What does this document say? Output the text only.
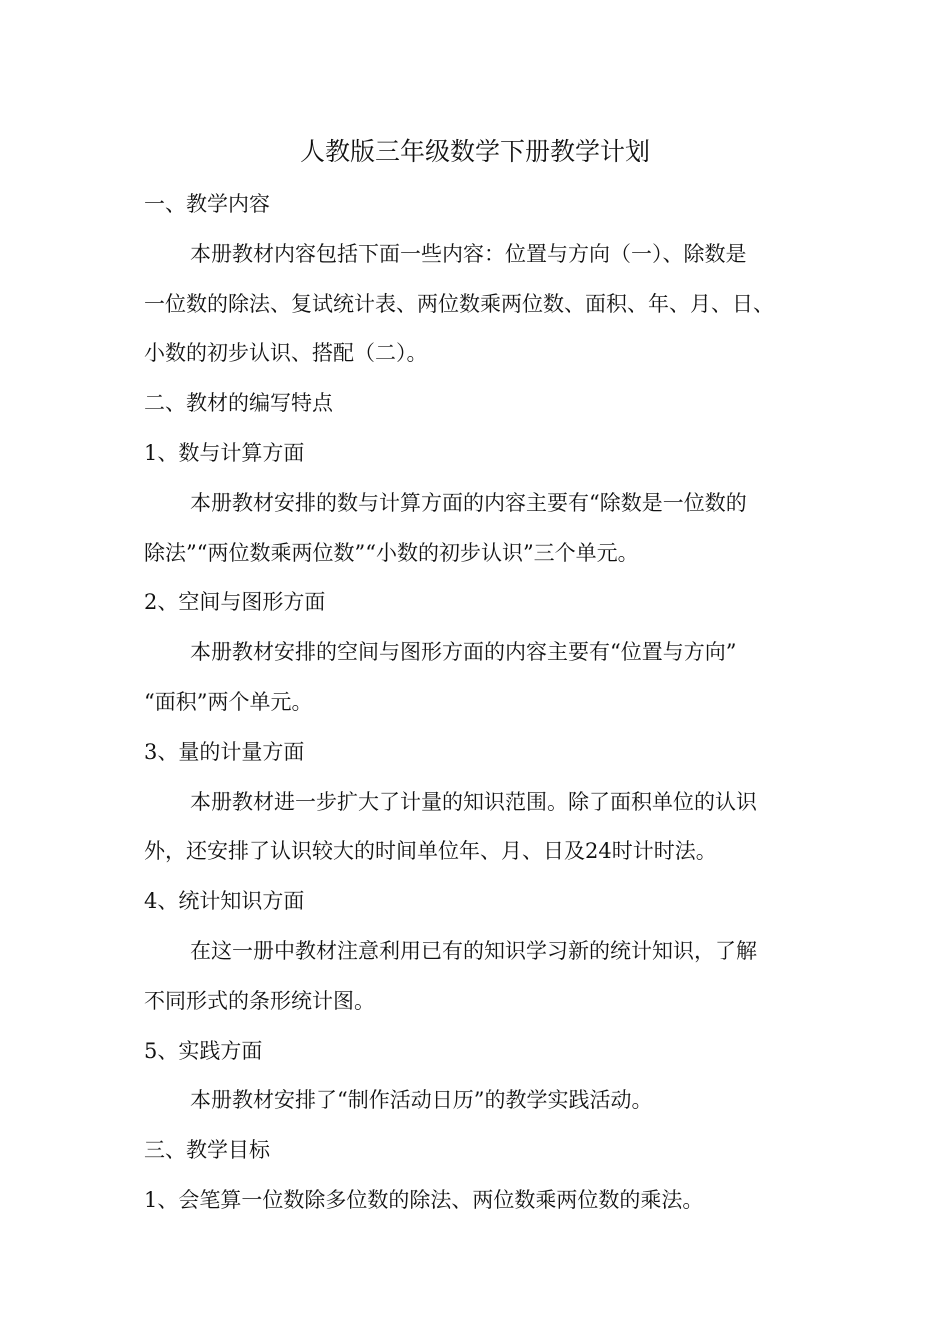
人教版三年级数学下册教学计划

一、教学内容

本册教材内容包括下面一些内容：位置与方向（一）、除数是

一位数的除法、复试统计表、两位数乘两位数、面积、年、月、日、

小数的初步认识、搭配（二）。

二、教材的编写特点

1、数与计算方面

本册教材安排的数与计算方面的内容主要有“除数是一位数的

除法”“两位数乘两位数”“小数的初步认识”三个单元。

2、空间与图形方面

本册教材安排的空间与图形方面的内容主要有“位置与方向”

“面积”两个单元。

3、量的计量方面

本册教材进一步扩大了计量的知识范围。除了面积单位的认识

外，还安排了认识较大的时间单位年、月、日及24时计时法。

4、统计知识方面

在这一册中教材注意利用已有的知识学习新的统计知识，了解

不同形式的条形统计图。

5、实践方面

本册教材安排了“制作活动日历”的教学实践活动。

三、教学目标

1、会笔算一位数除多位数的除法、两位数乘两位数的乘法。
